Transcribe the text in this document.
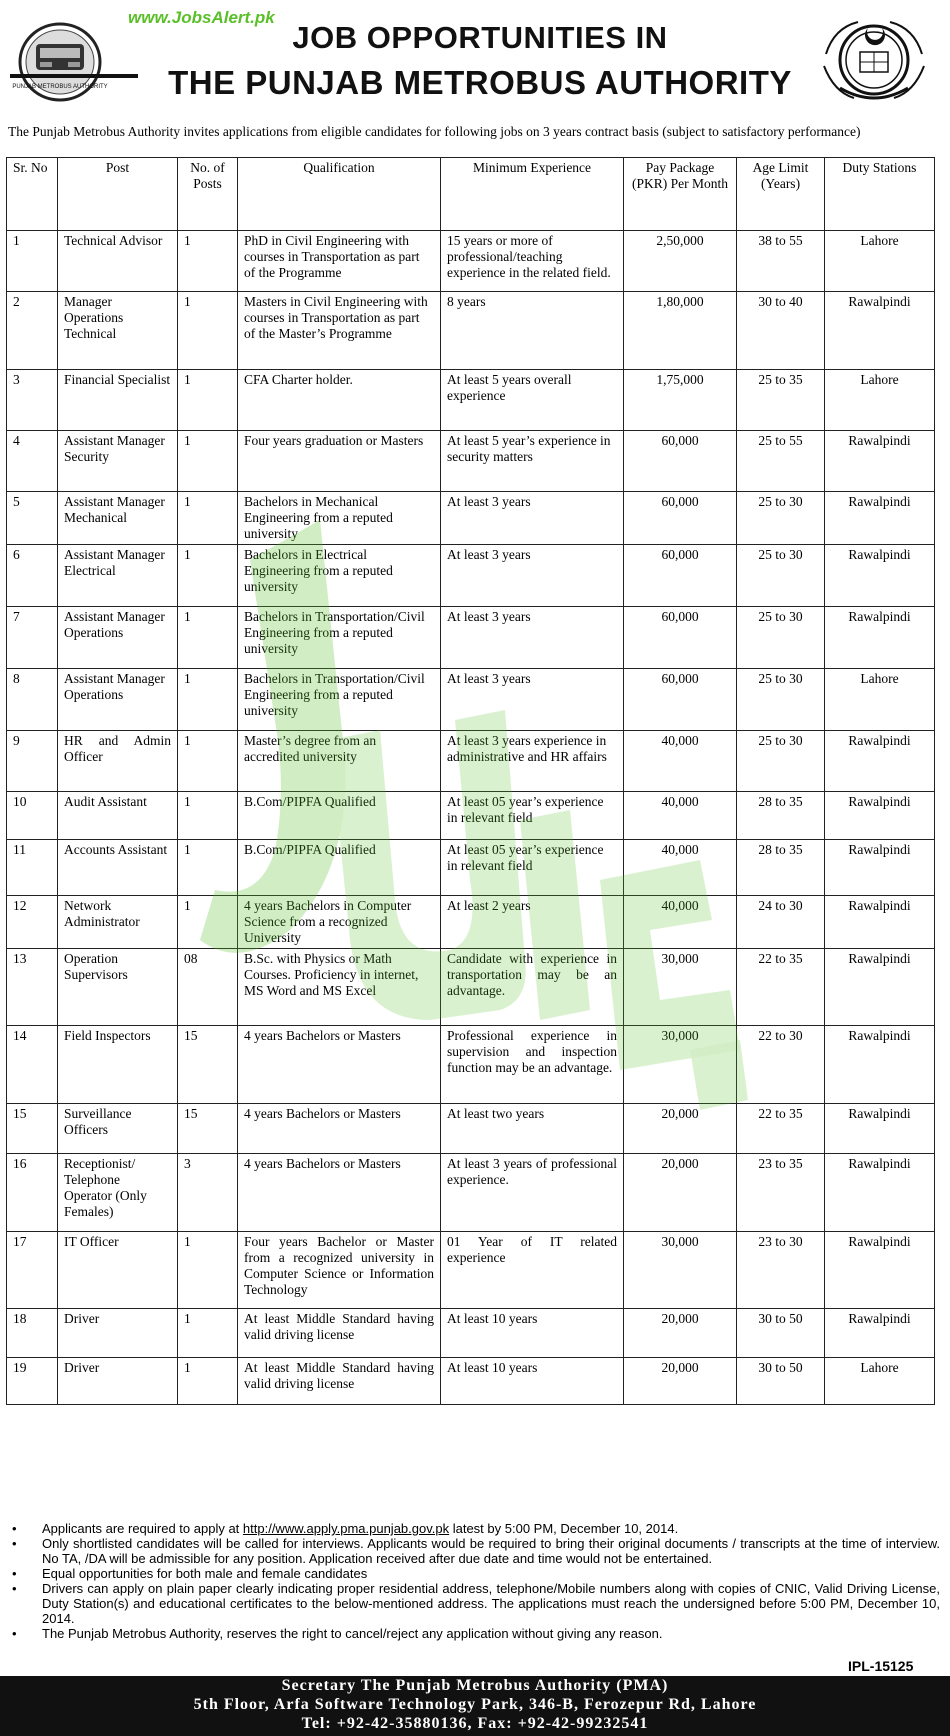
www.JobsAlert.pk
PUNJAB METROBUS AUTHORITY
JOB OPPORTUNITIES IN
THE PUNJAB METROBUS AUTHORITY
The Punjab Metrobus Authority invites applications from eligible candidates for following jobs on 3 years contract basis (subject to satisfactory performance)
Sr. No	Post	No. of Posts	Qualification	Minimum Experience	Pay Package (PKR) Per Month	Age Limit (Years)	Duty Stations
1	Technical Advisor	1	PhD in Civil Engineering with courses in Transportation as part of the Programme	15 years or more of professional/teaching experience in the related field.	2,50,000	38 to 55	Lahore
2	Manager Operations Technical	1	Masters in Civil Engineering with courses in Transportation as part of the Master’s Programme	8 years	1,80,000	30 to 40	Rawalpindi
3	Financial Specialist	1	CFA Charter holder.	At least 5 years overall experience	1,75,000	25 to 35	Lahore
4	Assistant Manager Security	1	Four years graduation or Masters	At least 5 year’s experience in security matters	60,000	25 to 55	Rawalpindi
5	Assistant Manager Mechanical	1	Bachelors in Mechanical Engineering from a reputed university	At least 3 years	60,000	25 to 30	Rawalpindi
6	Assistant Manager Electrical	1	Bachelors in Electrical Engineering from a reputed university	At least 3 years	60,000	25 to 30	Rawalpindi
7	Assistant Manager Operations	1	Bachelors in Transportation/Civil Engineering from a reputed university	At least 3 years	60,000	25 to 30	Rawalpindi
8	Assistant Manager Operations	1	Bachelors in Transportation/Civil Engineering from a reputed university	At least 3 years	60,000	25 to 30	Lahore
9	HR and Admin Officer	1	Master’s degree from an accredited university	At least 3 years experience in administrative and HR affairs	40,000	25 to 30	Rawalpindi
10	Audit Assistant	1	B.Com/PIPFA Qualified	At least 05 year’s experience in relevant field	40,000	28 to 35	Rawalpindi
11	Accounts Assistant	1	B.Com/PIPFA Qualified	At least 05 year’s experience in relevant field	40,000	28 to 35	Rawalpindi
12	Network Administrator	1	4 years Bachelors in Computer Science from a recognized University	At least 2 years	40,000	24 to 30	Rawalpindi
13	Operation Supervisors	08	B.Sc. with Physics or Math Courses. Proficiency in internet, MS Word and MS Excel	Candidate with experience in transportation may be an advantage.	30,000	22 to 35	Rawalpindi
14	Field Inspectors	15	4 years Bachelors or Masters	Professional experience in supervision and inspection function may be an advantage.	30,000	22 to 30	Rawalpindi
15	Surveillance Officers	15	4 years Bachelors or Masters	At least two years	20,000	22 to 35	Rawalpindi
16	Receptionist/ Telephone Operator (Only Females)	3	4 years Bachelors or Masters	At least 3 years of professional experience.	20,000	23 to 35	Rawalpindi
17	IT Officer	1	Four years Bachelor or Master from a recognized university in Computer Science or Information Technology	01 Year of IT related experience	30,000	23 to 30	Rawalpindi
18	Driver	1	At least Middle Standard having valid driving license	At least 10 years	20,000	30 to 50	Rawalpindi
19	Driver	1	At least Middle Standard having valid driving license	At least 10 years	20,000	30 to 50	Lahore
• Applicants are required to apply at http://www.apply.pma.punjab.gov.pk latest by 5:00 PM, December 10, 2014.
• Only shortlisted candidates will be called for interviews. Applicants would be required to bring their original documents / transcripts at the time of interview. No TA, /DA will be admissible for any position. Application received after due date and time would not be entertained.
• Equal opportunities for both male and female candidates
• Drivers can apply on plain paper clearly indicating proper residential address, telephone/Mobile numbers along with copies of CNIC, Valid Driving License, Duty Station(s) and educational certificates to the below-mentioned address. The applications must reach the undersigned before 5:00 PM, December 10, 2014.
• The Punjab Metrobus Authority, reserves the right to cancel/reject any application without giving any reason.
IPL-15125
Secretary The Punjab Metrobus Authority (PMA)
5th Floor, Arfa Software Technology Park, 346-B, Ferozepur Rd, Lahore
Tel: +92-42-35880136, Fax: +92-42-99232541
